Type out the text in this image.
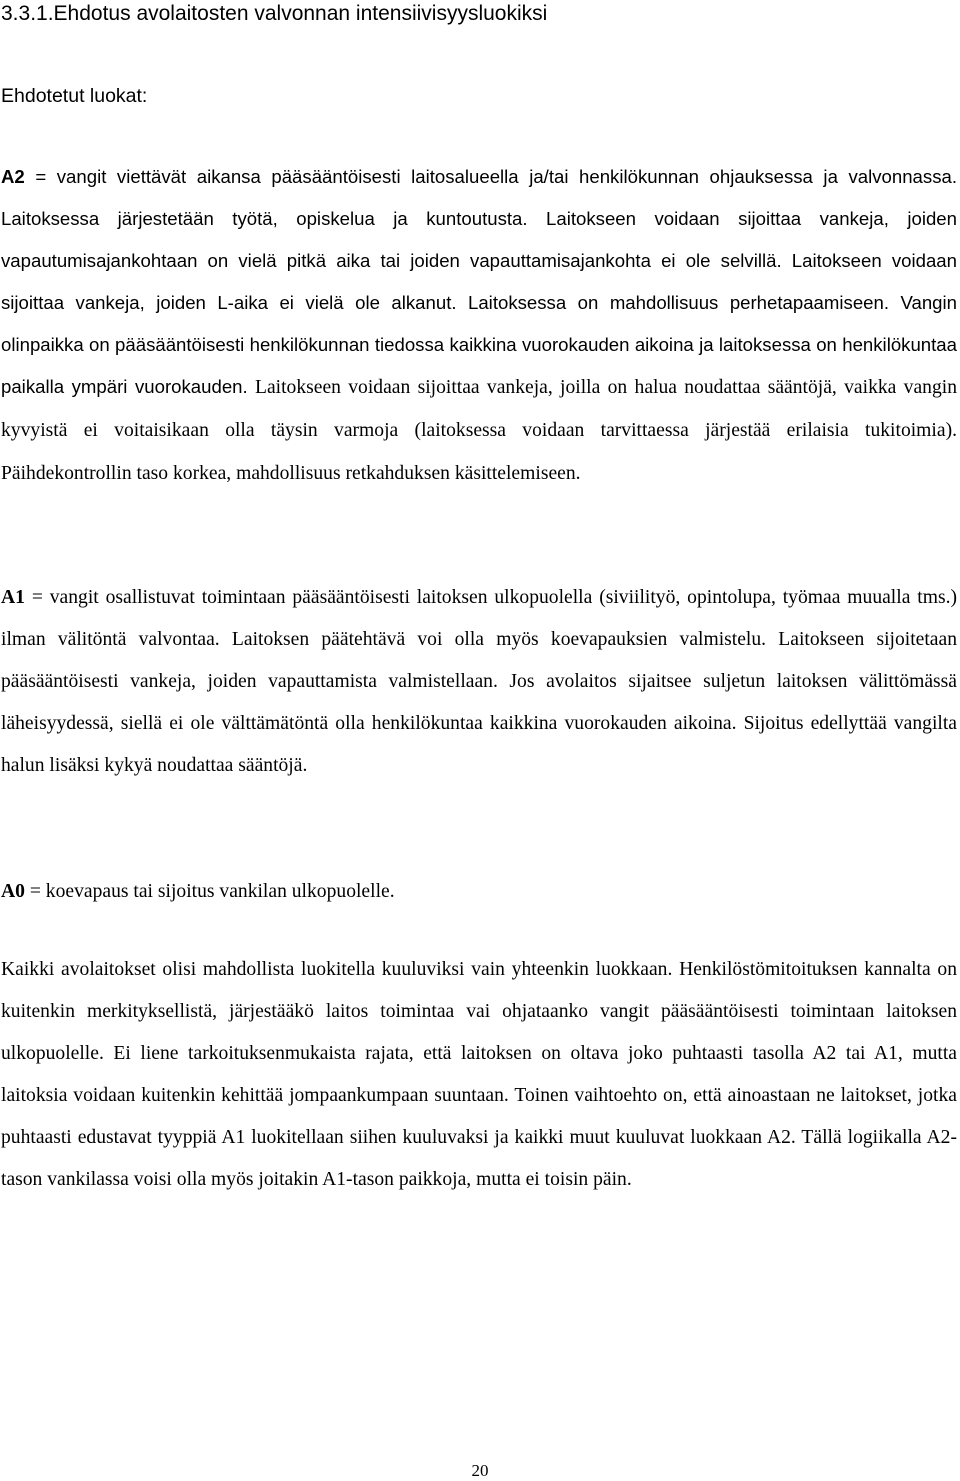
3.3.1.Ehdotus avolaitosten valvonnan intensiivisyysluokiksi

Ehdotetut luokat:

A2 = vangit viettävät aikansa pääsääntöisesti laitosalueella ja/tai henkilökunnan ohjauksessa ja valvonnassa. Laitoksessa järjestetään työtä, opiskelua ja kuntoutusta. Laitokseen voidaan sijoittaa vankeja, joiden vapautumisajankohtaan on vielä pitkä aika tai joiden vapauttamisajankohta ei ole selvillä. Laitokseen voidaan sijoittaa vankeja, joiden L-aika ei vielä ole alkanut. Laitoksessa on mahdollisuus perhetapaamiseen. Vangin olinpaikka on pääsääntöisesti henkilökunnan tiedossa kaikkina vuorokauden aikoina ja laitoksessa on henkilökuntaa paikalla ympäri vuorokauden. Laitokseen voidaan sijoittaa vankeja, joilla on halua noudattaa sääntöjä, vaikka vangin kyvyistä ei voitaisikaan olla täysin varmoja (laitoksessa voidaan tarvittaessa järjestää erilaisia tukitoimia). Päihdekontrollin taso korkea, mahdollisuus retkahduksen käsittelemiseen.

A1 = vangit osallistuvat toimintaan pääsääntöisesti laitoksen ulkopuolella (siviilityö, opintolupa, työmaa muualla tms.) ilman välitöntä valvontaa. Laitoksen päätehtävä voi olla myös koevapauksien valmistelu. Laitokseen sijoitetaan pääsääntöisesti vankeja, joiden vapauttamista valmistellaan. Jos avolaitos sijaitsee suljetun laitoksen välittömässä läheisyydessä, siellä ei ole välttämätöntä olla henkilökuntaa kaikkina vuorokauden aikoina. Sijoitus edellyttää vangilta halun lisäksi kykyä noudattaa sääntöjä.

A0 = koevapaus tai sijoitus vankilan ulkopuolelle.

Kaikki avolaitokset olisi mahdollista luokitella kuuluviksi vain yhteenkin luokkaan. Henkilöstömitoituksen kannalta on kuitenkin merkityksellistä, järjestääkö laitos toimintaa vai ohjataanko vangit pääsääntöisesti toimintaan laitoksen ulkopuolelle. Ei liene tarkoituksenmukaista rajata, että laitoksen on oltava joko puhtaasti tasolla A2 tai A1, mutta laitoksia voidaan kuitenkin kehittää jompaankumpaan suuntaan. Toinen vaihtoehto on, että ainoastaan ne laitokset, jotka puhtaasti edustavat tyyppiä A1 luokitellaan siihen kuuluvaksi ja kaikki muut kuuluvat luokkaan A2. Tällä logiikalla A2-tason vankilassa voisi olla myös joitakin A1-tason paikkoja, mutta ei toisin päin.

20
